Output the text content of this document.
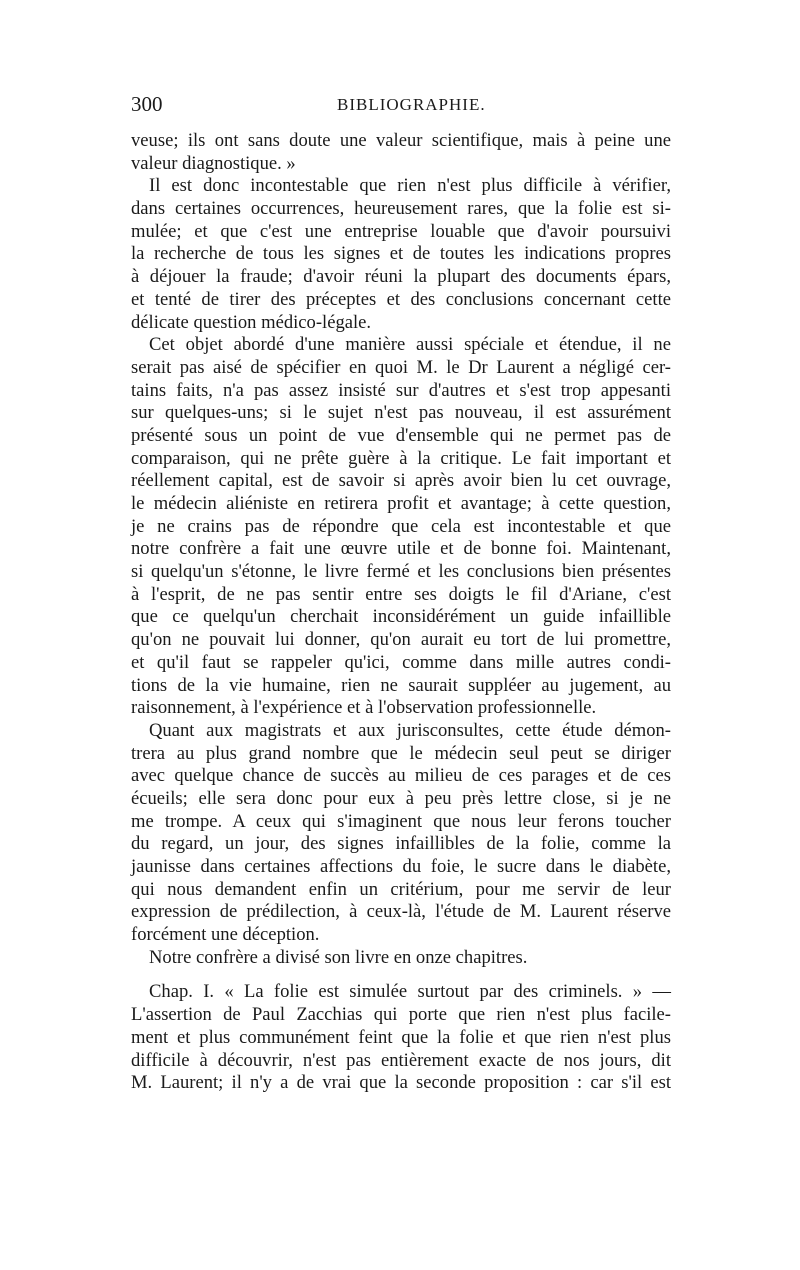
300	BIBLIOGRAPHIE.
veuse; ils ont sans doute une valeur scientifique, mais à peine une
valeur diagnostique. »
Il est donc incontestable que rien n'est plus difficile à vérifier,
dans certaines occurrences, heureusement rares, que la folie est si-
mulée; et que c'est une entreprise louable que d'avoir poursuivi
la recherche de tous les signes et de toutes les indications propres
à déjouer la fraude; d'avoir réuni la plupart des documents épars,
et tenté de tirer des préceptes et des conclusions concernant cette
délicate question médico-légale.
Cet objet abordé d'une manière aussi spéciale et étendue, il ne
serait pas aisé de spécifier en quoi M. le Dr Laurent a négligé cer-
tains faits, n'a pas assez insisté sur d'autres et s'est trop appesanti
sur quelques-uns; si le sujet n'est pas nouveau, il est assurément
présenté sous un point de vue d'ensemble qui ne permet pas de
comparaison, qui ne prête guère à la critique. Le fait important et
réellement capital, est de savoir si après avoir bien lu cet ouvrage,
le médecin aliéniste en retirera profit et avantage; à cette question,
je ne crains pas de répondre que cela est incontestable et que
notre confrère a fait une œuvre utile et de bonne foi. Maintenant,
si quelqu'un s'étonne, le livre fermé et les conclusions bien présentes
à l'esprit, de ne pas sentir entre ses doigts le fil d'Ariane, c'est
que ce quelqu'un cherchait inconsidérément un guide infaillible
qu'on ne pouvait lui donner, qu'on aurait eu tort de lui promettre,
et qu'il faut se rappeler qu'ici, comme dans mille autres condi-
tions de la vie humaine, rien ne saurait suppléer au jugement, au
raisonnement, à l'expérience et à l'observation professionnelle.
Quant aux magistrats et aux jurisconsultes, cette étude démon-
trera au plus grand nombre que le médecin seul peut se diriger
avec quelque chance de succès au milieu de ces parages et de ces
écueils; elle sera donc pour eux à peu près lettre close, si je ne
me trompe. A ceux qui s'imaginent que nous leur ferons toucher
du regard, un jour, des signes infaillibles de la folie, comme la
jaunisse dans certaines affections du foie, le sucre dans le diabète,
qui nous demandent enfin un critérium, pour me servir de leur
expression de prédilection, à ceux-là, l'étude de M. Laurent réserve
forcément une déception.
Notre confrère a divisé son livre en onze chapitres.
Chap. I. « La folie est simulée surtout par des criminels. » —
L'assertion de Paul Zacchias qui porte que rien n'est plus facile-
ment et plus communément feint que la folie et que rien n'est plus
difficile à découvrir, n'est pas entièrement exacte de nos jours, dit
M. Laurent; il n'y a de vrai que la seconde proposition : car s'il est
